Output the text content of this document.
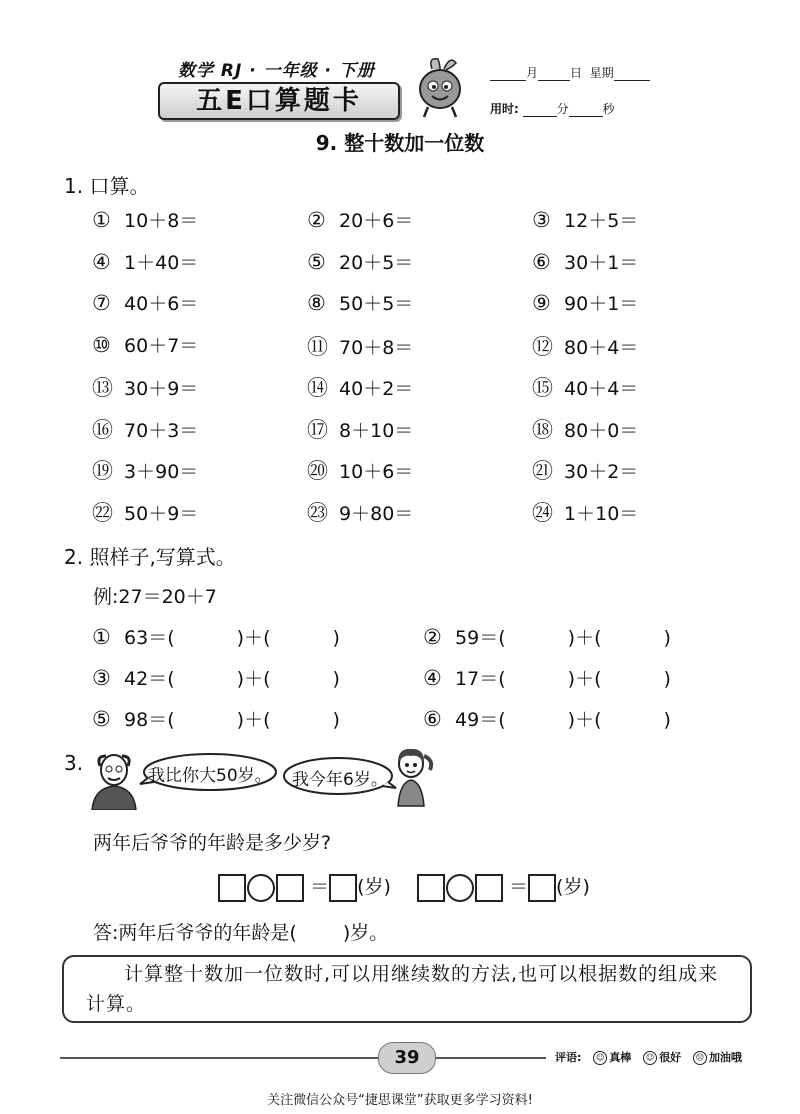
数学 RJ · 一年级 · 下册
五E口算题卡
月	日 星期
用时:	分	秒
9. 整十数加一位数
1. 口算。
① 10＋8＝	② 20＋6＝	③ 12＋5＝
④ 1＋40＝	⑤ 20＋5＝	⑥ 30＋1＝
⑦ 40＋6＝	⑧ 50＋5＝	⑨ 90＋1＝
⑩ 60＋7＝	⑪ 70＋8＝	⑫ 80＋4＝
⑬ 30＋9＝	⑭ 40＋2＝	⑮ 40＋4＝
⑯ 70＋3＝	⑰ 8＋10＝	⑱ 80＋0＝
⑲ 3＋90＝	⑳ 10＋6＝	㉑ 30＋2＝
㉒ 50＋9＝	㉓ 9＋80＝	㉔ 1＋10＝
2. 照样子,写算式。
例:27＝20＋7
① 63＝(	)＋(	)	② 59＝(	)＋(	)
③ 42＝(	)＋(	)	④ 17＝(	)＋(	)
⑤ 98＝(	)＋(	)	⑥ 49＝(	)＋(	)
3.
我比你大50岁。 我今年6岁。
两年后爷爷的年龄是多少岁?
＝ (岁)	＝ (岁)
答:两年后爷爷的年龄是( )岁。
计算整十数加一位数时,可以用继续数的方法,也可以根据数的组成来计算。
39	评语: ☺ 真棒 ☺ 很好 ☹ 加油哦
关注微信公众号“捷思课堂”获取更多学习资料!
